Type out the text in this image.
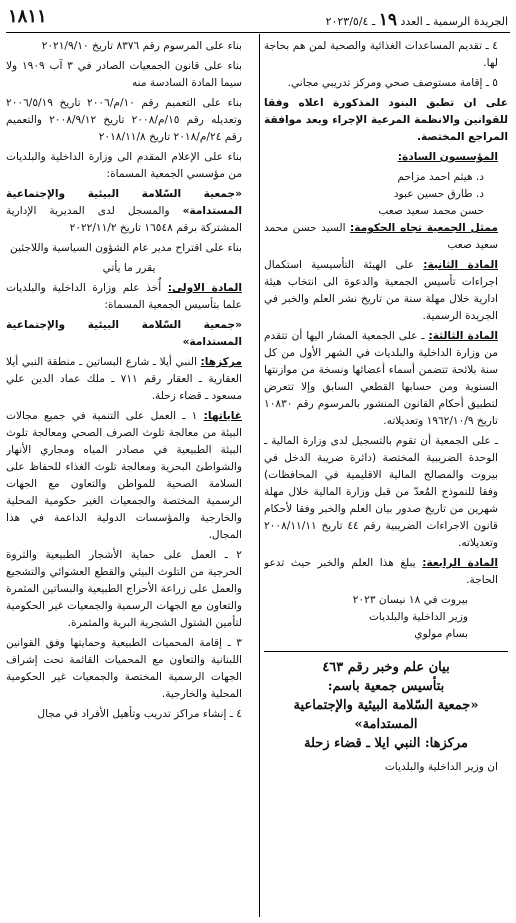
١٨١١	الجريدة الرسمية ـ العدد ١٩ ـ ٢٠٢٣/٥/٤

٤ ـ تقديم المساعدات الغذائية والصحية لمن هم بحاجة لها.

٥ ـ إقامة مستوصف صحي ومركز تدريبي مجاني.

على ان تطبق البنود المذكورة اعلاه وفقا للقوانين والانظمة المرعية الإجراء وبعد موافقة المراجع المختصة.

المؤسسون السادة:

د. هيثم احمد مزاحم

د. طارق حسين عبود

حسن محمد سعيد صعب

ممثل الجمعية تجاه الحكومة: السيد حسن محمد سعيد صعب

المادة الثانية: على الهيئة التأسيسية استكمال اجراءات تأسيس الجمعية والدعوة الى انتخاب هيئة ادارية خلال مهلة سنة من تاريخ نشر العلم والخبر في الجريدة الرسمية.

المادة الثالثة: ـ على الجمعية المشار اليها أن تتقدم من وزارة الداخلية والبلديات في الشهر الأول من كل سنة بلائحة تتضمن أسماء أعضائها ونسخة من موازنتها السنوية ومن حسابها القطعي السابق وإلا تتعرض لتطبيق أحكام القانون المنشور بالمرسوم رقم ١٠٨٣٠ تاريخ ١٩٦٢/١٠/٩ وتعديلاته.

ـ على الجمعية أن تقوم بالتسجيل لدى وزارة المالية ـ الوحدة الضريبية المختصة (دائرة ضريبة الدخل في بيروت والمصالح المالية الاقليمية في المحافظات) وفقا للنموذج المُعدّ من قبل وزارة المالية خلال مهلة شهرين من تاريخ صدور بيان العلم والخبر وفقا لأحكام قانون الاجراءات الضريبية رقم ٤٤ تاريخ ٢٠٠٨/١١/١١ وتعديلاته.

المادة الرابعة: يبلغ هذا العلم والخبر حيث تدعو الحاجة.

بيروت في ١٨ نيسان ٢٠٢٣

وزير الداخلية والبلديات

بسام مولوي

بيان علم وخبر رقم ٤٦٣

بتأسيس جمعية باسم:

«جمعية السّلامة البيئية والإجتماعية المستدامة»

مركزها: النبي ايلا ـ قضاء زحلة

ان وزير الداخلية والبلديات

بناء على المرسوم رقم ٨٣٧٦ تاريخ ٢٠٢١/٩/١٠

بناء على قانون الجمعيات الصادر في ٣ آب ١٩٠٩ ولا سيما المادة السادسة منه

بناء على التعميم رقم ١٠/م/٢٠٠٦ تاريخ ٢٠٠٦/٥/١٩ وتعديله رقم ١٥/م/٢٠٠٨ تاريخ ٢٠٠٨/٩/١٢ والتعميم رقم ٢٤/م/٢٠١٨ تاريخ ٢٠١٨/١١/٨

بناء على الإعلام المقدم الى وزارة الداخلية والبلديات من مؤسسي الجمعية المسماة:

«جمعية السّلامة البيئية والإجتماعية المستدامة» والمسجل لدى المديرية الإدارية المشتركة برقم ١٦٥٤٨ تاريخ ٢٠٢٢/١١/٢

بناء على اقتراح مدير عام الشؤون السياسية واللاجئين

يقرر ما يأتي

المادة الاولى: أُخذ علم وزارة الداخلية والبلديات علما بتأسيس الجمعية المسماة:

«جمعية السّلامة البيئية والإجتماعية المستدامة»

مركزها: النبي أيلا ـ شارع البساتين ـ منطقة النبي أيلا العقارية ـ العقار رقم ٧١١ ـ ملك عماد الدين علي مسعود ـ قضاء زحلة.

غاياتها: ١ ـ العمل على التنمية في جميع مجالات البيئة من معالجة تلوث الصرف الصحي ومعالجة تلوث البيئة الطبيعية في مصادر المياه ومجاري الأنهار والشواطئ البحرية ومعالجة تلوث الغذاء للحفاظ على السلامة الصحية للمواطن والتعاون مع الجهات الرسمية المختصة والجمعيات الغير حكومية المحلية والخارجية والمؤسسات الدولية الداعمة في هذا المجال.

٢ ـ العمل على حماية الأشجار الطبيعية والثروة الحرجية من التلوث البيئي والقطع العشوائي والتشجيع والعمل على زراعة الأحراج الطبيعية والبساتين المثمرة والتعاون مع الجهات الرسمية والجمعيات غير الحكومية لتأمين الشتول الشجرية البرية والمثمرة.

٣ ـ إقامة المحميات الطبيعية وحمايتها وفق القوانين اللبنانية والتعاون مع المحميات القائمة تحت إشراف الجهات الرسمية المختصة والجمعيات غير الحكومية المحلية والخارجية.

٤ ـ إنشاء مراكز تدريب وتأهيل الأفراد في مجال
